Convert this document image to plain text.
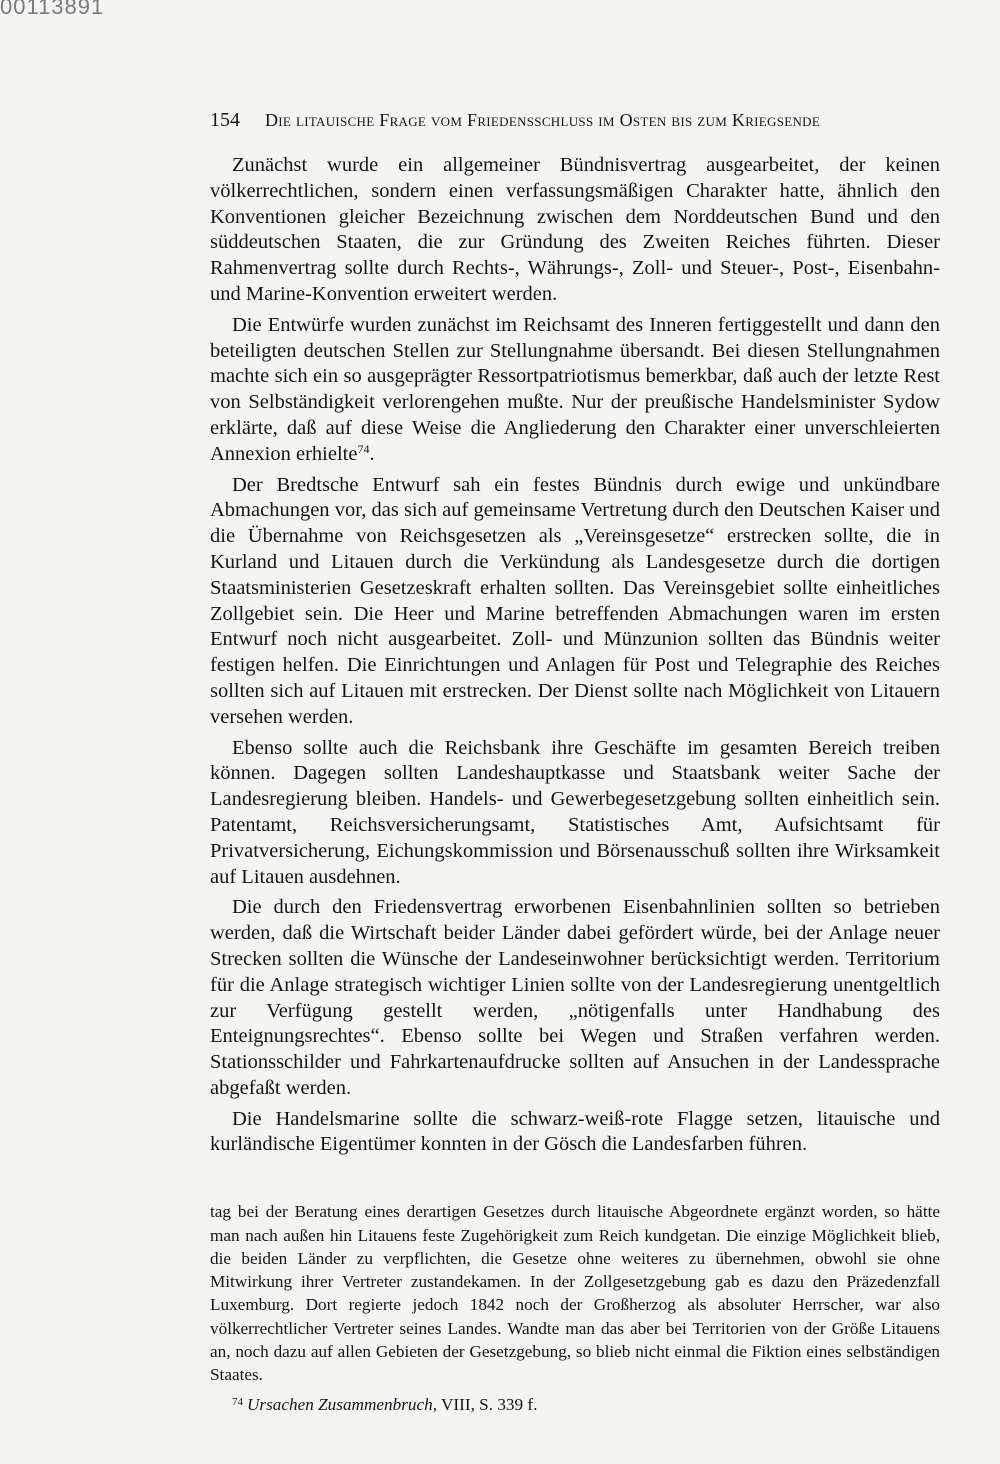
00113891
154 Die litauische Frage vom Friedensschluss im Osten bis zum Kriegsende

Zunächst wurde ein allgemeiner Bündnisvertrag ausgearbeitet, der keinen völkerrechtlichen, sondern einen verfassungsmäßigen Charakter hatte, ähnlich den Konventionen gleicher Bezeichnung zwischen dem Norddeutschen Bund und den süddeutschen Staaten, die zur Gründung des Zweiten Reiches führten. Dieser Rahmenvertrag sollte durch Rechts-, Währungs-, Zoll- und Steuer-, Post-, Eisenbahn- und Marine-Konvention erweitert werden.

Die Entwürfe wurden zunächst im Reichsamt des Inneren fertiggestellt und dann den beteiligten deutschen Stellen zur Stellungnahme übersandt. Bei diesen Stellungnahmen machte sich ein so ausgeprägter Ressortpatriotismus bemerkbar, daß auch der letzte Rest von Selbständigkeit verlorengehen mußte. Nur der preußische Handelsminister Sydow erklärte, daß auf diese Weise die Angliederung den Charakter einer unverschleierten Annexion erhielte$^{74}$.

Der Bredtsche Entwurf sah ein festes Bündnis durch ewige und unkündbare Abmachungen vor, das sich auf gemeinsame Vertretung durch den Deutschen Kaiser und die Übernahme von Reichsgesetzen als „Vereinsgesetze“ erstrecken sollte, die in Kurland und Litauen durch die Verkündung als Landesgesetze durch die dortigen Staatsministerien Gesetzeskraft erhalten sollten. Das Vereinsgebiet sollte einheitliches Zollgebiet sein. Die Heer und Marine betreffenden Abmachungen waren im ersten Entwurf noch nicht ausgearbeitet. Zoll- und Münzunion sollten das Bündnis weiter festigen helfen. Die Einrichtungen und Anlagen für Post und Telegraphie des Reiches sollten sich auf Litauen mit erstrecken. Der Dienst sollte nach Möglichkeit von Litauern versehen werden.

Ebenso sollte auch die Reichsbank ihre Geschäfte im gesamten Bereich treiben können. Dagegen sollten Landeshauptkasse und Staatsbank weiter Sache der Landesregierung bleiben. Handels- und Gewerbegesetzgebung sollten einheitlich sein. Patentamt, Reichsversicherungsamt, Statistisches Amt, Aufsichtsamt für Privatversicherung, Eichungskommission und Börsenausschuß sollten ihre Wirksamkeit auf Litauen ausdehnen.

Die durch den Friedensvertrag erworbenen Eisenbahnlinien sollten so betrieben werden, daß die Wirtschaft beider Länder dabei gefördert würde, bei der Anlage neuer Strecken sollten die Wünsche der Landeseinwohner berücksichtigt werden. Territorium für die Anlage strategisch wichtiger Linien sollte von der Landesregierung unentgeltlich zur Verfügung gestellt werden, „nötigenfalls unter Handhabung des Enteignungsrechtes“. Ebenso sollte bei Wegen und Straßen verfahren werden. Stationsschilder und Fahrkartenaufdrucke sollten auf Ansuchen in der Landessprache abgefaßt werden.

Die Handelsmarine sollte die schwarz-weiß-rote Flagge setzen, litauische und kurländische Eigentümer konnten in der Gösch die Landesfarben führen.

tag bei der Beratung eines derartigen Gesetzes durch litauische Abgeordnete ergänzt worden, so hätte man nach außen hin Litauens feste Zugehörigkeit zum Reich kundgetan. Die einzige Möglichkeit blieb, die beiden Länder zu verpflichten, die Gesetze ohne weiteres zu übernehmen, obwohl sie ohne Mitwirkung ihrer Vertreter zustandekamen. In der Zollgesetzgebung gab es dazu den Präzedenzfall Luxemburg. Dort regierte jedoch 1842 noch der Großherzog als absoluter Herrscher, war also völkerrechtlicher Vertreter seines Landes. Wandte man das aber bei Territorien von der Größe Litauens an, noch dazu auf allen Gebieten der Gesetzgebung, so blieb nicht einmal die Fiktion eines selbständigen Staates.

$^{74}$ Ursachen Zusammenbruch, VIII, S. 339 f.
